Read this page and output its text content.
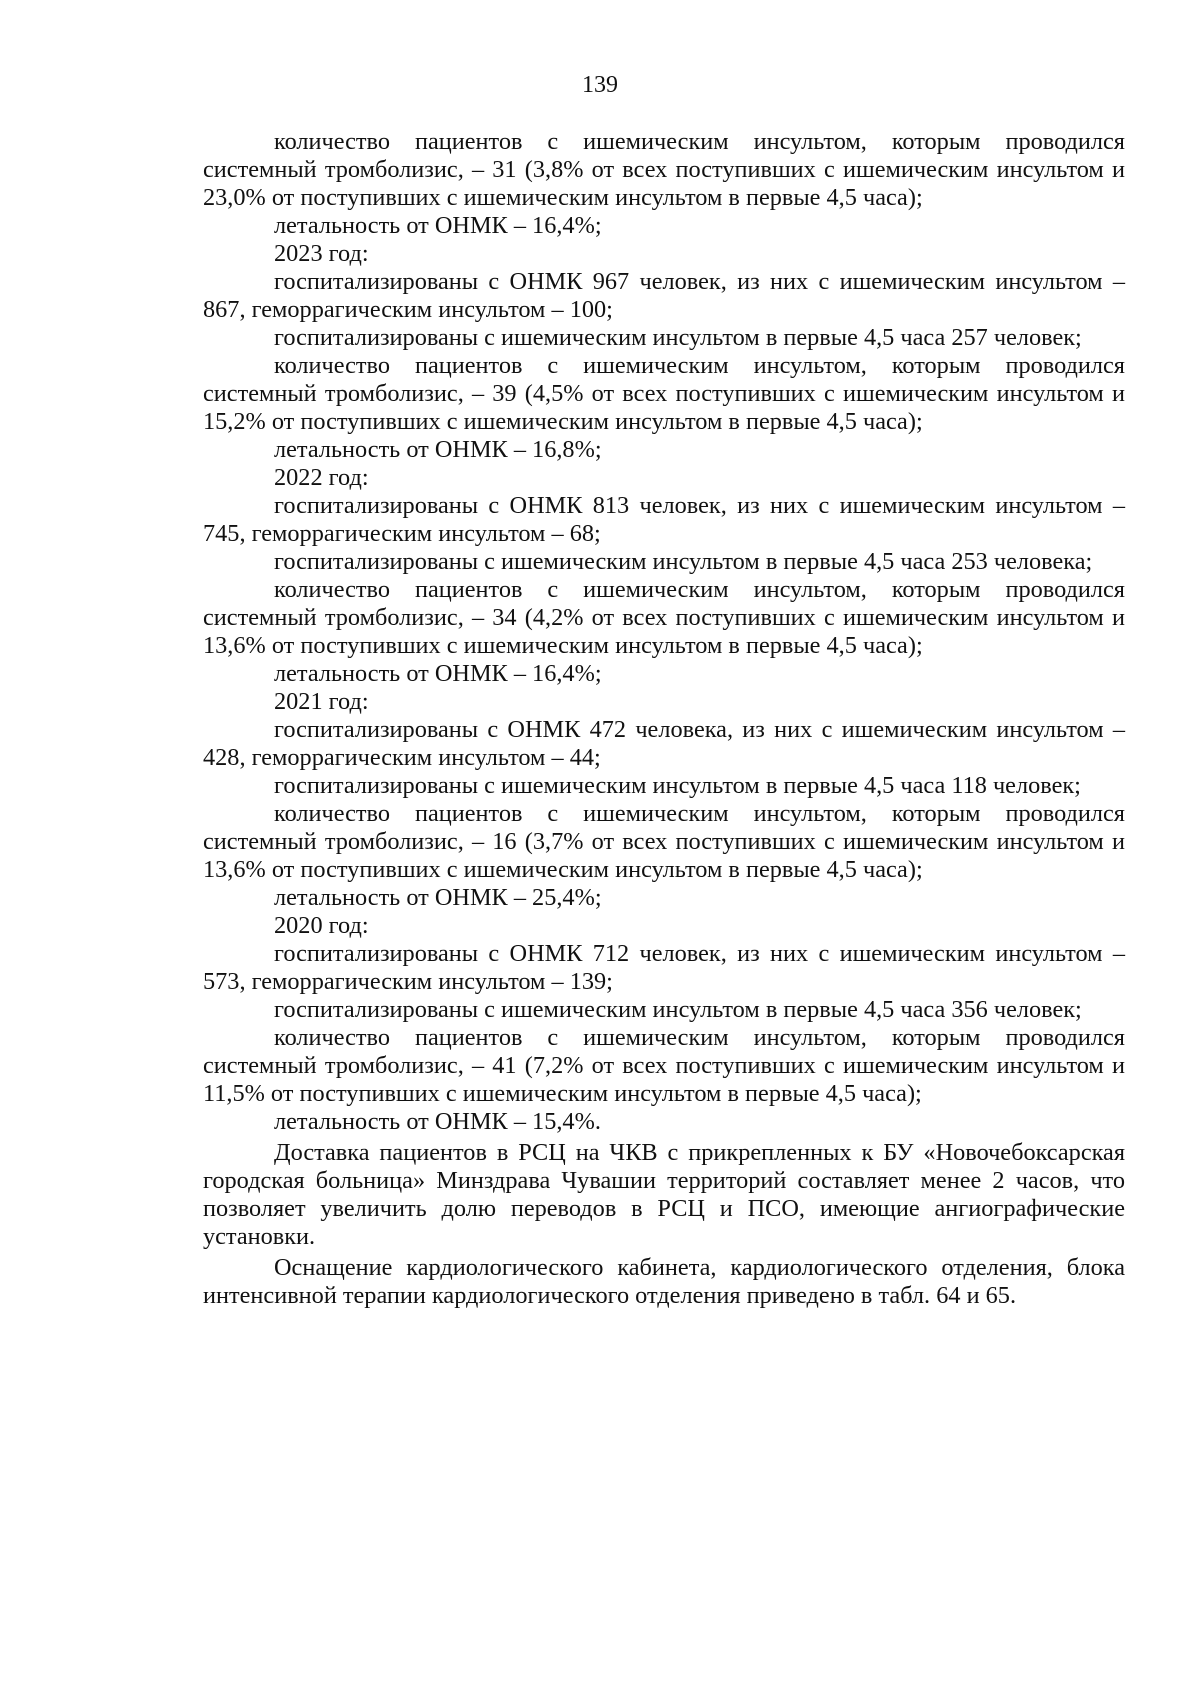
139

количество пациентов с ишемическим инсультом, которым проводился системный тромболизис, – 31 (3,8% от всех поступивших с ишемическим инсультом и 23,0% от поступивших с ишемическим инсультом в первые 4,5 часа);

летальность от ОНМК – 16,4%;

2023 год:

госпитализированы с ОНМК 967 человек, из них с ишемическим инсультом – 867, геморрагическим инсультом – 100;

госпитализированы с ишемическим инсультом в первые 4,5 часа 257 человек;

количество пациентов с ишемическим инсультом, которым проводился системный тромболизис, – 39 (4,5% от всех поступивших с ишемическим инсультом и 15,2% от поступивших с ишемическим инсультом в первые 4,5 часа);

летальность от ОНМК – 16,8%;

2022 год:

госпитализированы с ОНМК 813 человек, из них с ишемическим инсультом – 745, геморрагическим инсультом – 68;

госпитализированы с ишемическим инсультом в первые 4,5 часа 253 человека;

количество пациентов с ишемическим инсультом, которым проводился системный тромболизис, – 34 (4,2% от всех поступивших с ишемическим инсультом и 13,6% от поступивших с ишемическим инсультом в первые 4,5 часа);

летальность от ОНМК – 16,4%;

2021 год:

госпитализированы с ОНМК 472 человека, из них с ишемическим инсультом – 428, геморрагическим инсультом – 44;

госпитализированы с ишемическим инсультом в первые 4,5 часа 118 человек;

количество пациентов с ишемическим инсультом, которым проводился системный тромболизис, – 16 (3,7% от всех поступивших с ишемическим инсультом и 13,6% от поступивших с ишемическим инсультом в первые 4,5 часа);

летальность от ОНМК – 25,4%;

2020 год:

госпитализированы с ОНМК 712 человек, из них с ишемическим инсультом – 573, геморрагическим инсультом – 139;

госпитализированы с ишемическим инсультом в первые 4,5 часа 356 человек;

количество пациентов с ишемическим инсультом, которым проводился системный тромболизис, – 41 (7,2% от всех поступивших с ишемическим инсультом и 11,5% от поступивших с ишемическим инсультом в первые 4,5 часа);

летальность от ОНМК – 15,4%.

Доставка пациентов в РСЦ на ЧКВ с прикрепленных к БУ «Новочебоксарская городская больница» Минздрава Чувашии территорий составляет менее 2 часов, что позволяет увеличить долю переводов в РСЦ и ПСО, имеющие ангиографические установки.

Оснащение кардиологического кабинета, кардиологического отделения, блока интенсивной терапии кардиологического отделения приведено в табл. 64 и 65.
